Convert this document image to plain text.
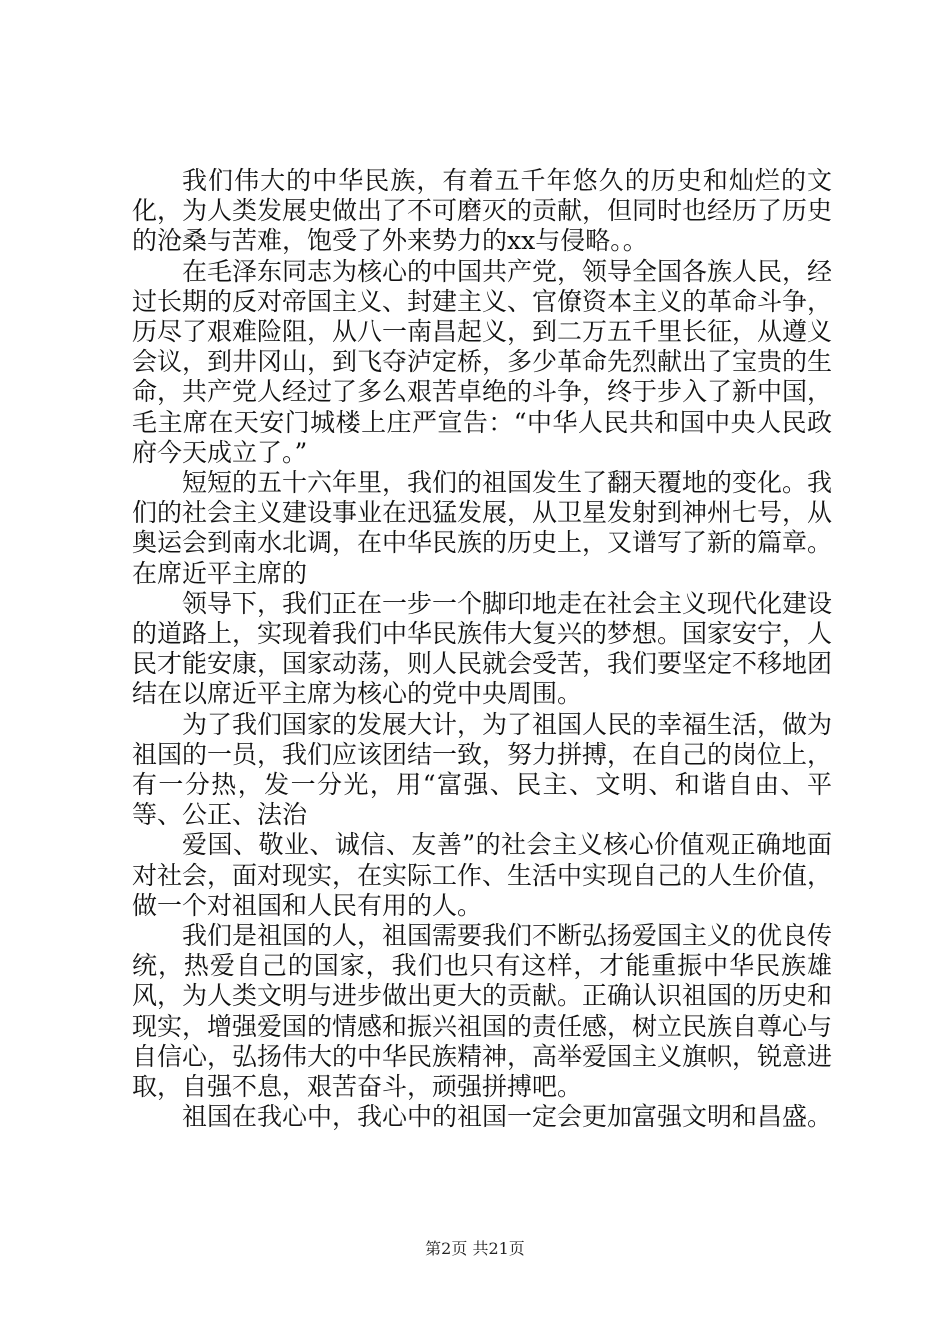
我们伟大的中华民族，有着五千年悠久的历史和灿烂的文化，为人类发展史做出了不可磨灭的贡献，但同时也经历了历史的沧桑与苦难，饱受了外来势力的xx与侵略。。

在毛泽东同志为核心的中国共产党，领导全国各族人民，经过长期的反对帝国主义、封建主义、官僚资本主义的革命斗争，历尽了艰难险阻，从八一南昌起义，到二万五千里长征，从遵义会议，到井冈山，到飞夺泸定桥，多少革命先烈献出了宝贵的生命，共产党人经过了多么艰苦卓绝的斗争，终于步入了新中国，毛主席在天安门城楼上庄严宣告：“中华人民共和国中央人民政府今天成立了。”

短短的五十六年里，我们的祖国发生了翻天覆地的变化。我们的社会主义建设事业在迅猛发展，从卫星发射到神州七号，从奥运会到南水北调，在中华民族的历史上，又谱写了新的篇章。在席近平主席的

领导下，我们正在一步一个脚印地走在社会主义现代化建设的道路上，实现着我们中华民族伟大复兴的梦想。国家安宁，人民才能安康，国家动荡，则人民就会受苦，我们要坚定不移地团结在以席近平主席为核心的党中央周围。

为了我们国家的发展大计，为了祖国人民的幸福生活，做为祖国的一员，我们应该团结一致，努力拼搏，在自己的岗位上，有一分热，发一分光，用“富强、民主、文明、和谐自由、平等、公正、法治

爱国、敬业、诚信、友善”的社会主义核心价值观正确地面对社会，面对现实，在实际工作、生活中实现自己的人生价值，做一个对祖国和人民有用的人。

我们是祖国的人，祖国需要我们不断弘扬爱国主义的优良传统，热爱自己的国家，我们也只有这样，才能重振中华民族雄风，为人类文明与进步做出更大的贡献。正确认识祖国的历史和现实，增强爱国的情感和振兴祖国的责任感，树立民族自尊心与自信心，弘扬伟大的中华民族精神，高举爱国主义旗帜，锐意进取，自强不息，艰苦奋斗，顽强拼搏吧。

祖国在我心中，我心中的祖国一定会更加富强文明和昌盛。

第2页 共21页
